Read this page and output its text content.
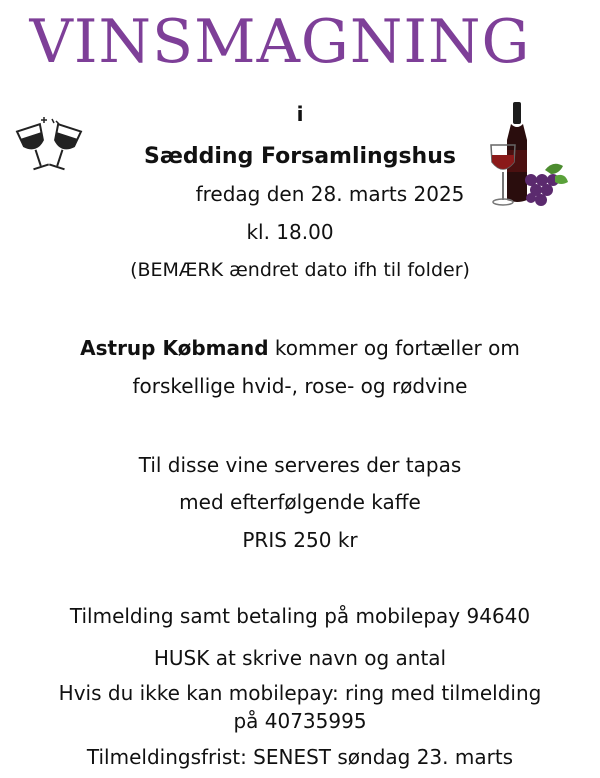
VINSMAGNING
i
Sædding Forsamlingshus
fredag den 28. marts 2025
kl. 18.00
(BEMÆRK ændret dato ifh til folder)
Astrup Købmand kommer og fortæller om
forskellige hvid-, rose- og rødvine
Til disse vine serveres der tapas
med efterfølgende kaffe
PRIS 250 kr
Tilmelding samt betaling på mobilepay 94640
HUSK at skrive navn og antal
Hvis du ikke kan mobilepay: ring med tilmelding
på 40735995
Tilmeldingsfrist: SENEST søndag 23. marts
